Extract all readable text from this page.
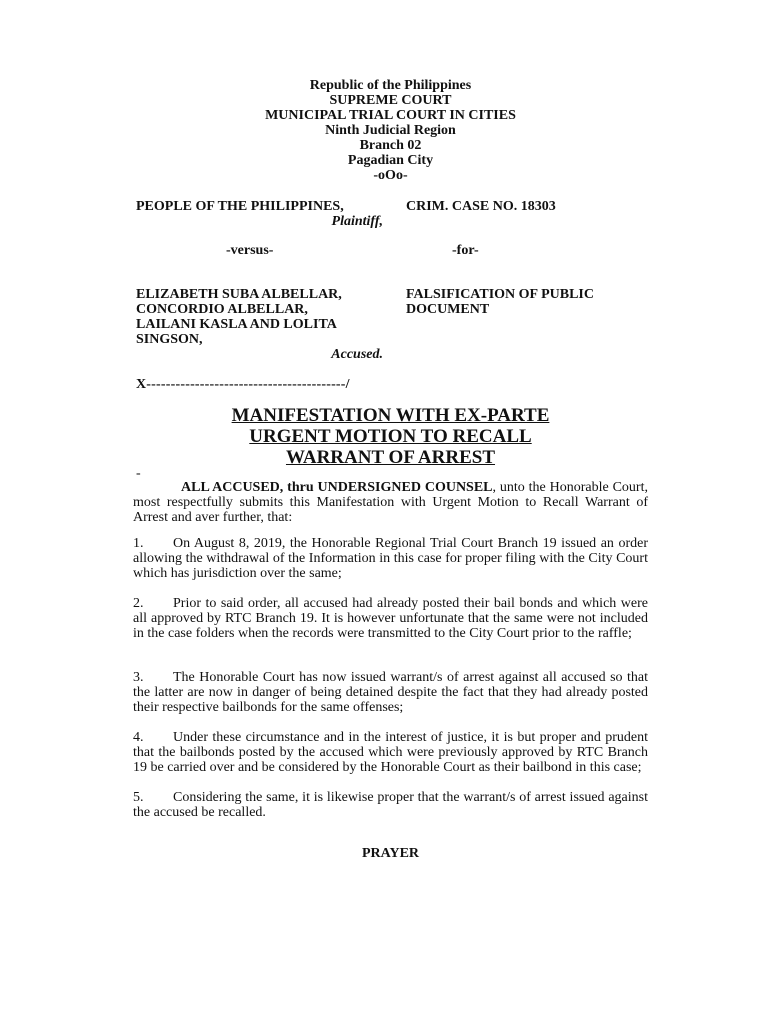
Republic of the Philippines
SUPREME COURT
MUNICIPAL TRIAL COURT IN CITIES
Ninth Judicial Region
Branch 02
Pagadian City
-oOo-
PEOPLE OF THE PHILIPPINES,
Plaintiff,
CRIM. CASE NO. 18303
-versus-	-for-
ELIZABETH SUBA ALBELLAR,
CONCORDIO ALBELLAR,
LAILANI KASLA AND LOLITA
SINGSON,
Accused.
FALSIFICATION OF PUBLIC
DOCUMENT
X-----------------------------------------/
MANIFESTATION WITH EX-PARTE
URGENT MOTION TO RECALL
WARRANT OF ARREST
-
ALL ACCUSED, thru UNDERSIGNED COUNSEL, unto the Honorable Court, most respectfully submits this Manifestation with Urgent Motion to Recall Warrant of Arrest and aver further, that:
1. On August 8, 2019, the Honorable Regional Trial Court Branch 19 issued an order allowing the withdrawal of the Information in this case for proper filing with the City Court which has jurisdiction over the same;
2. Prior to said order, all accused had already posted their bail bonds and which were all approved by RTC Branch 19. It is however unfortunate that the same were not included in the case folders when the records were transmitted to the City Court prior to the raffle;
3. The Honorable Court has now issued warrant/s of arrest against all accused so that the latter are now in danger of being detained despite the fact that they had already posted their respective bailbonds for the same offenses;
4. Under these circumstance and in the interest of justice, it is but proper and prudent that the bailbonds posted by the accused which were previously approved by RTC Branch 19 be carried over and be considered by the Honorable Court as their bailbond in this case;
5. Considering the same, it is likewise proper that the warrant/s of arrest issued against the accused be recalled.
PRAYER
